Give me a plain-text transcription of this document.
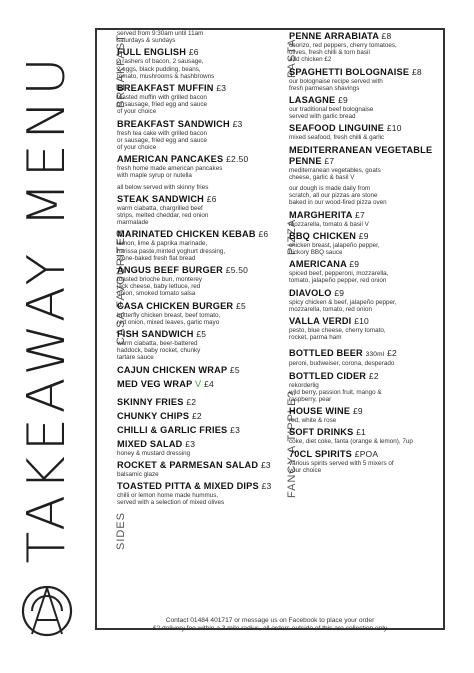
TAKEAWAY MENU	BREAKFAST
CASA FAVOURITES
SIDES
PASTA
PIZZA
FANCY A TIPPLE?
served from 9:30am until 11am
saturdays & sundays
FULL ENGLISH £6
2 rashers of bacon, 2 sausage,
2 eggs, black pudding, beans,
tomato, mushrooms & hashbrowns
BREAKFAST MUFFIN £3
toasted muffin with grilled bacon
or sausage, fried egg and sauce
of your choice
BREAKFAST SANDWICH £3
fresh tea cake with grilled bacon
or sausage, fried egg and sauce
of your choice
AMERICAN PANCAKES £2.50
fresh home made american pancakes
with maple syrup or nutella
all below served with skinny fries
STEAK SANDWICH £6
warm ciabatta, chargrilled beef
strips, melted cheddar, red onion
marmalade
MARINATED CHICKEN KEBAB £6
lemon, lime & paprika marinade,
harissa paste,minted yoghurt dressing,
stone-baked fresh flat bread
ANGUS BEEF BURGER £5.50
toasted brioche bun, monterey
jack cheese, baby lettuce, red
onion, smoked tomato salsa
CASA CHICKEN BURGER £5
butterfly chicken breast, beef tomato,
red onion, mixed leaves, garlic mayo
FISH SANDWICH £5
warm ciabatta, beer-battered
haddock, baby rocket, chunky
tartare sauce
CAJUN CHICKEN WRAP £5
MED VEG WRAP V £4
SKINNY FRIES £2
CHUNKY CHIPS £2
CHILLI & GARLIC FRIES £3
MIXED SALAD £3
honey & mustard dressing
ROCKET & PARMESAN SALAD £3
balsamic glaze
TOASTED PITTA & MIXED DIPS £3
chilli or lemon home made hummus,
served with a selection of mixed olives
PENNE ARRABIATA £8
chorizo, red peppers, cherry tomatoes,
olives, fresh chilli & torn basil
add chicken £2
SPAGHETTI BOLOGNAISE £8
our bolognaise recipe served with
fresh parmesan shavings
LASAGNE £9
our traditional beef bolognaise
served with garlic bread
SEAFOOD LINGUINE £10
mixed seafood, fresh chilli & garlic
MEDITERRANEAN VEGETABLE
PENNE £7
mediterranean vegetables, goats
cheese, garlic & basil V
our dough is made daily from
scratch, all our pizzas are stone
baked in our wood-fired pizza oven
MARGHERITA £7
mozzarella, tomato & basil V
BBQ CHICKEN £9
chicken breast, jalapeño pepper,
hickory BBQ sauce
AMERICANA £9
spiced beef, pepperoni, mozzarella,
tomato, jalapeño pepper, red onion
DIAVOLO £9
spicy chicken & beef, jalapeño pepper,
mozzarella, tomato, red onion
VALLA VERDI £10
pesto, blue cheese, cherry tomato,
rocket, parma ham
BOTTLED BEER 330ml £2
peroni, budweiser, corona, desperado
BOTTLED CIDER £2
rekorderlig
wild berry, passion fruit, mango &
raspberry, pear
HOUSE WINE £9
red, white & rose
SOFT DRINKS £1
coke, diet coke, fanta (orange & lemon), 7up
70CL SPIRITS £POA
various spirits served with 5 mixers of
your choice
Contact 01484 401717 or message us on Facebook to place your order
£2 delivery fee within a 3 mile radius, all orders outside of this are collection only
